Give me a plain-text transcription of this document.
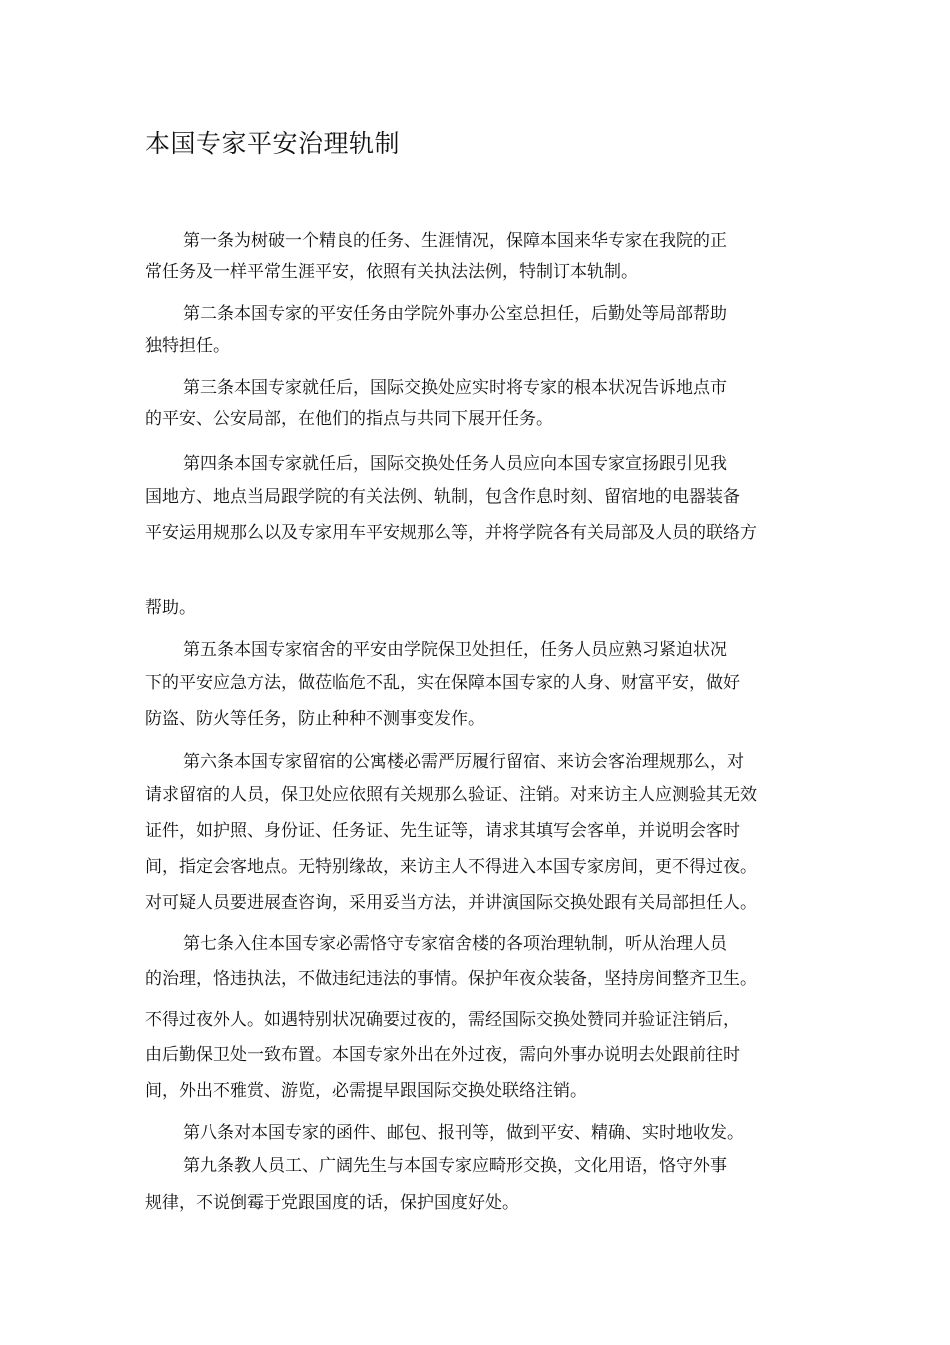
本国专家平安治理轨制
第一条为树破一个精良的任务、生涯情况，保障本国来华专家在我院的正
常任务及一样平常生涯平安，依照有关执法法例，特制订本轨制。
第二条本国专家的平安任务由学院外事办公室总担任，后勤处等局部帮助
独特担任。
第三条本国专家就任后，国际交换处应实时将专家的根本状况告诉地点市
的平安、公安局部，在他们的指点与共同下展开任务。
第四条本国专家就任后，国际交换处任务人员应向本国专家宣扬跟引见我
国地方、地点当局跟学院的有关法例、轨制，包含作息时刻、留宿地的电器装备
平安运用规那么以及专家用车平安规那么等，并将学院各有关局部及人员的联络方
帮助。
第五条本国专家宿舍的平安由学院保卫处担任，任务人员应熟习紧迫状况
下的平安应急方法，做莅临危不乱，实在保障本国专家的人身、财富平安，做好
防盗、防火等任务，防止种种不测事变发作。
第六条本国专家留宿的公寓楼必需严厉履行留宿、来访会客治理规那么，对
请求留宿的人员，保卫处应依照有关规那么验证、注销。对来访主人应测验其无效
证件，如护照、身份证、任务证、先生证等，请求其填写会客单，并说明会客时
间，指定会客地点。无特别缘故，来访主人不得进入本国专家房间，更不得过夜。
对可疑人员要进展查咨询，采用妥当方法，并讲演国际交换处跟有关局部担任人。
第七条入住本国专家必需恪守专家宿舍楼的各项治理轨制，听从治理人员
的治理，恪违执法，不做违纪违法的事情。保护年夜众装备，坚持房间整齐卫生。
不得过夜外人。如遇特别状况确要过夜的，需经国际交换处赞同并验证注销后，
由后勤保卫处一致布置。本国专家外出在外过夜，需向外事办说明去处跟前往时
间，外出不雅赏、游览，必需提早跟国际交换处联络注销。
第八条对本国专家的函件、邮包、报刊等，做到平安、精确、实时地收发。
第九条教人员工、广阔先生与本国专家应畸形交换，文化用语，恪守外事
规律，不说倒霉于党跟国度的话，保护国度好处。
